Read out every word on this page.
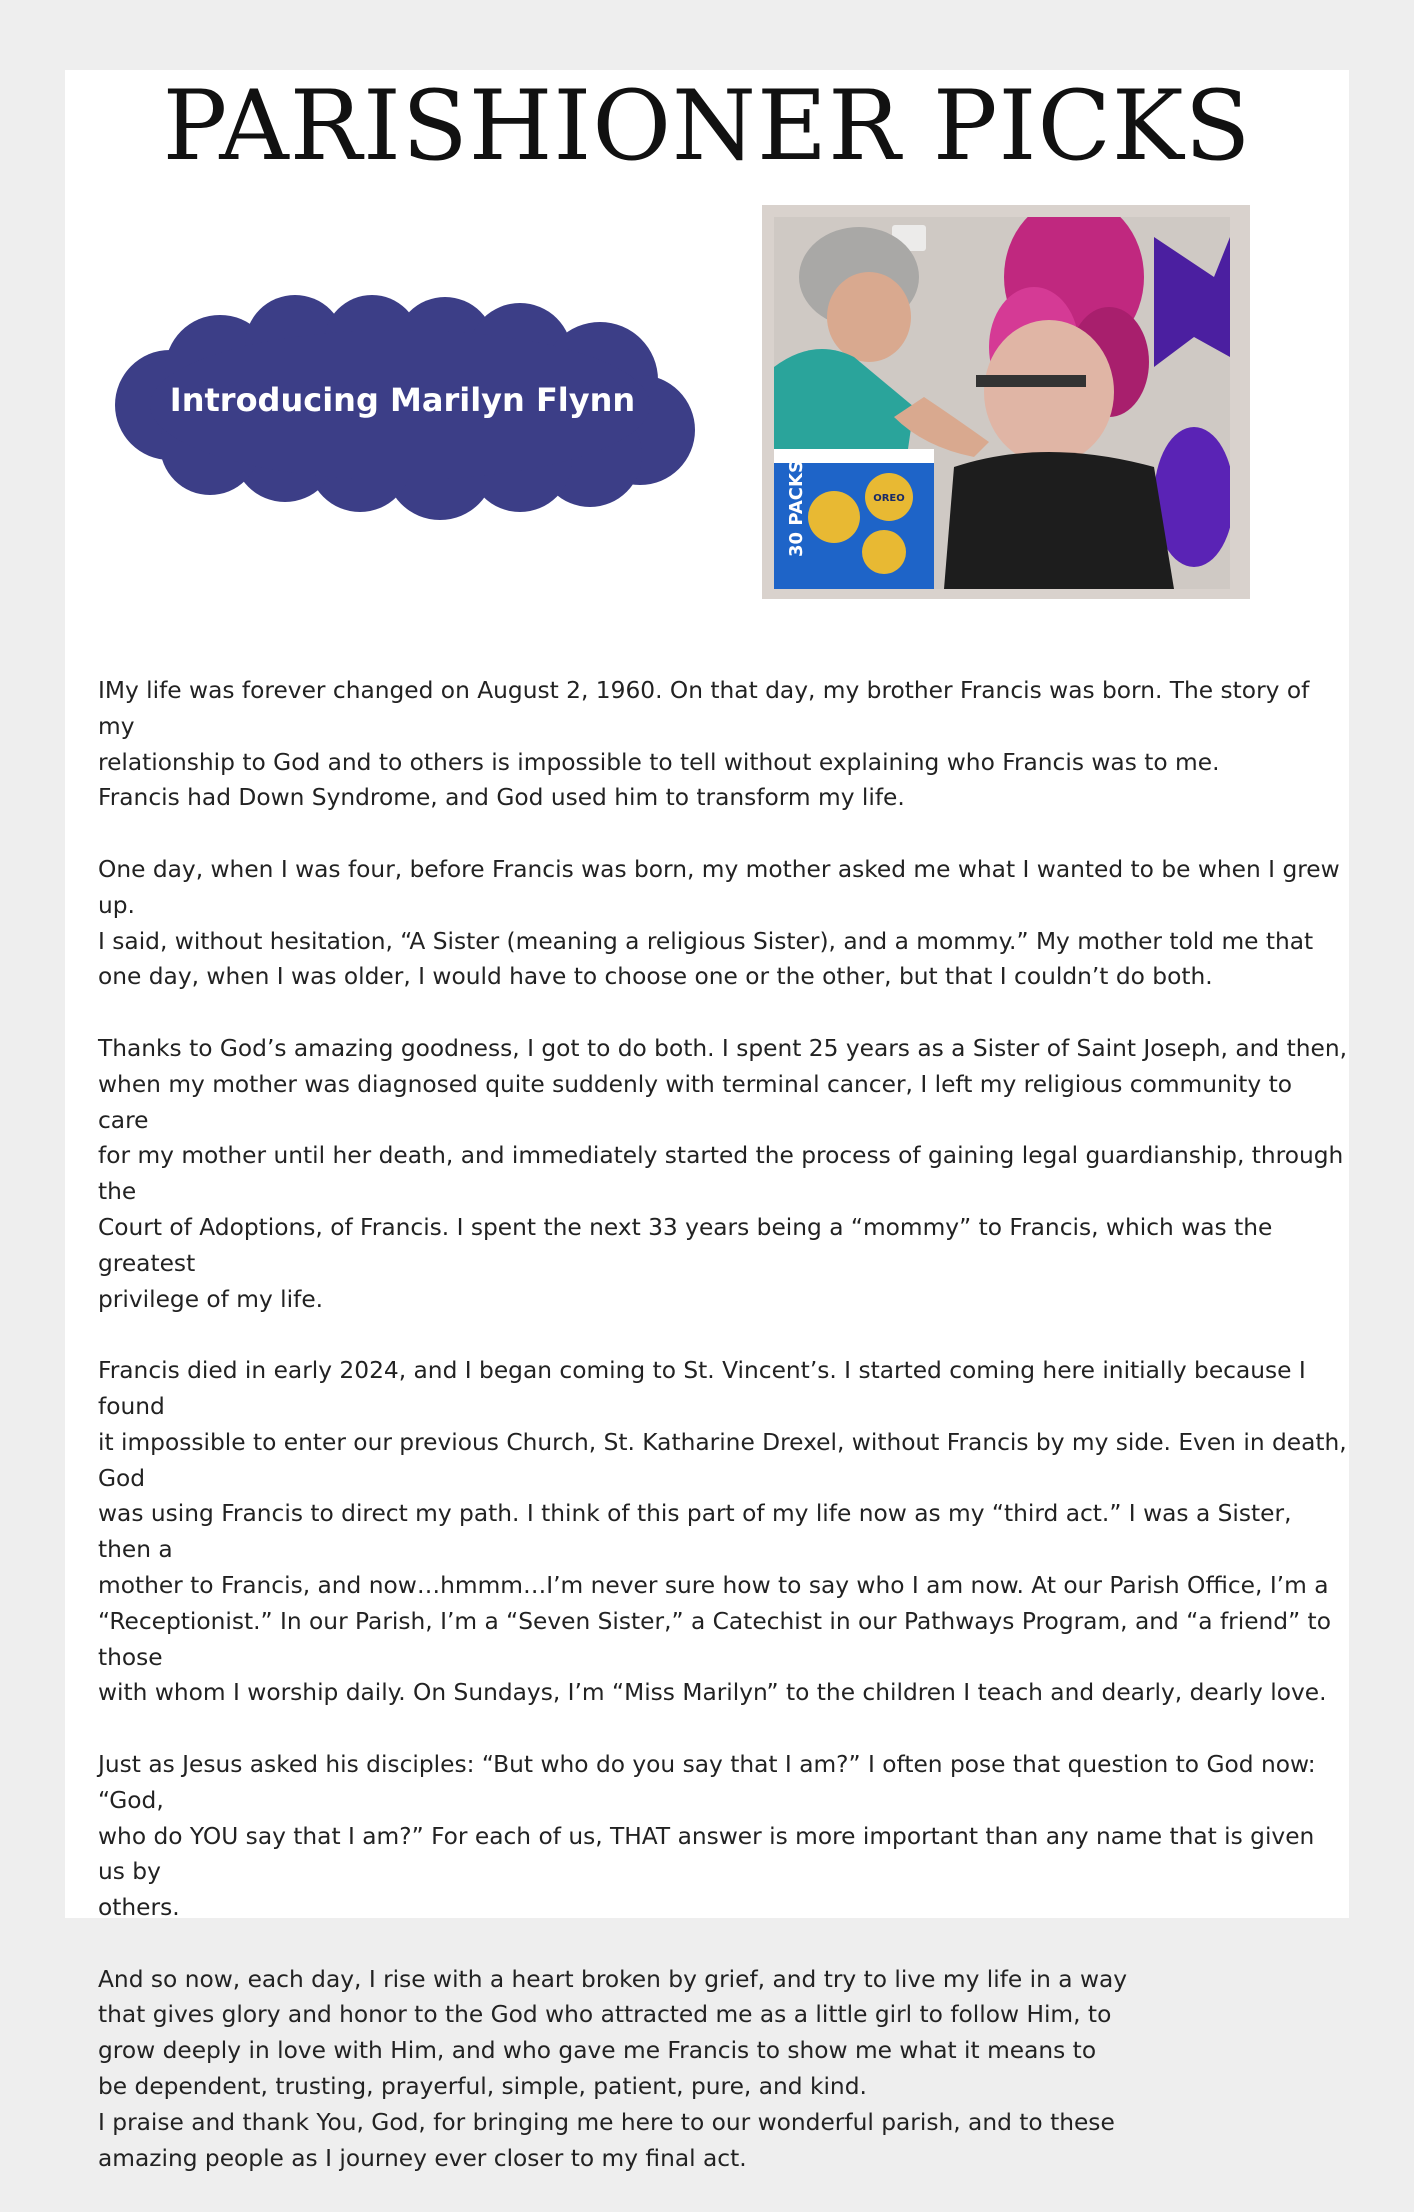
PARISHIONER PICKS
Introducing Marilyn Flynn
30 PACKS	OREO

IMy life was forever changed on August 2, 1960. On that day, my brother Francis was born. The story of my
relationship to God and to others is impossible to tell without explaining who Francis was to me.
Francis had Down Syndrome, and God used him to transform my life.

One day, when I was four, before Francis was born, my mother asked me what I wanted to be when I grew up.
I said, without hesitation, “A Sister (meaning a religious Sister), and a mommy.” My mother told me that
one day, when I was older, I would have to choose one or the other, but that I couldn’t do both.

Thanks to God’s amazing goodness, I got to do both. I spent 25 years as a Sister of Saint Joseph, and then,
when my mother was diagnosed quite suddenly with terminal cancer, I left my religious community to care
for my mother until her death, and immediately started the process of gaining legal guardianship, through the
Court of Adoptions, of Francis. I spent the next 33 years being a “mommy” to Francis, which was the greatest
privilege of my life.

Francis died in early 2024, and I began coming to St. Vincent’s. I started coming here initially because I found
it impossible to enter our previous Church, St. Katharine Drexel, without Francis by my side. Even in death, God
was using Francis to direct my path. I think of this part of my life now as my “third act.” I was a Sister, then a
mother to Francis, and now…hmmm…I’m never sure how to say who I am now. At our Parish Office, I’m a
“Receptionist.” In our Parish, I’m a “Seven Sister,” a Catechist in our Pathways Program, and “a friend” to those
with whom I worship daily. On Sundays, I’m “Miss Marilyn” to the children I teach and dearly, dearly love.

Just as Jesus asked his disciples: “But who do you say that I am?” I often pose that question to God now: “God,
who do YOU say that I am?” For each of us, THAT answer is more important than any name that is given us by
others.

And so now, each day, I rise with a heart broken by grief, and try to live my life in a way
that gives glory and honor to the God who attracted me as a little girl to follow Him, to
grow deeply in love with Him, and who gave me Francis to show me what it means to
be dependent, trusting, prayerful, simple, patient, pure, and kind.
I praise and thank You, God, for bringing me here to our wonderful parish, and to these
amazing people as I journey ever closer to my final act.
